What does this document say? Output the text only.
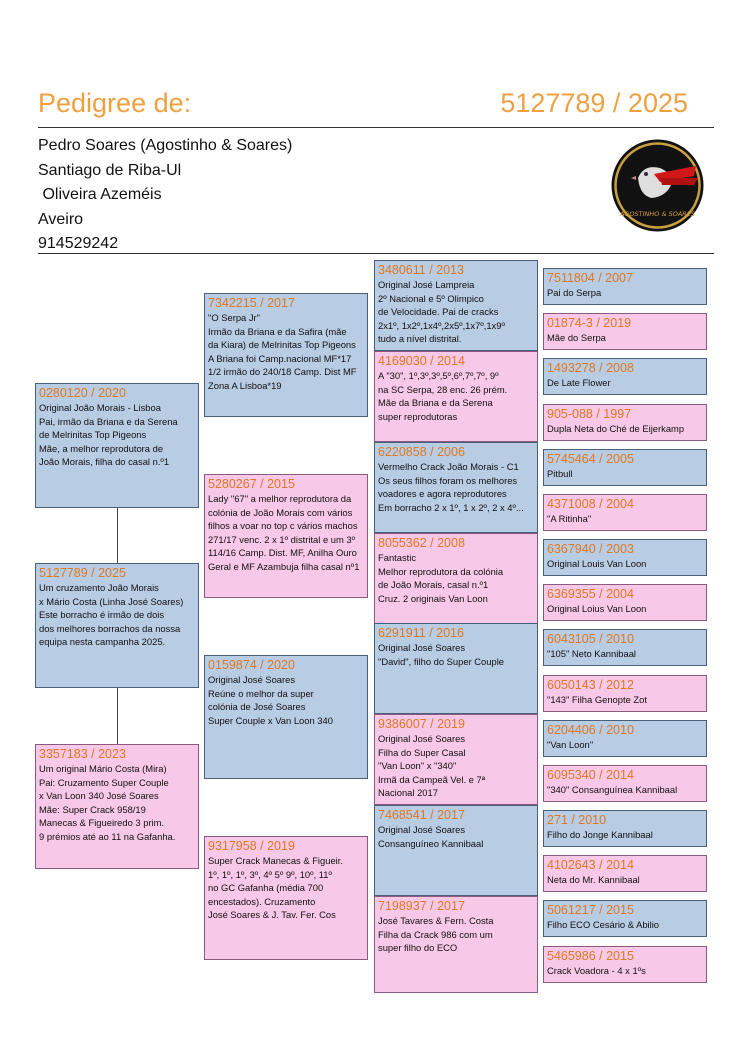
Pedigree de:	5127789 / 2025
Pedro Soares (Agostinho & Soares)
Santiago de Riba-Ul
Oliveira Azeméis
Aveiro
914529242
AGOSTINHO & SOARES
0280120 / 2020
Original João Morais - Lisboa
Pai, irmão da Briana e da Serena
de Melrinitas Top Pigeons
Mãe, a melhor reprodutora de
João Morais, filha do casal n.º1
5127789 / 2025
Um cruzamento João Morais
x Mário Costa (Linha José Soares)
Este borracho é irmão de dois
dos melhores borrachos da nossa
equipa nesta campanha 2025.
3357183 / 2023
Um original Mário Costa (Mira)
Pai: Cruzamento Super Couple
x Van Loon 340 José Soares
Mãe: Super Crack 958/19
Manecas & Figueiredo 3 prim.
9 prémios até ao 11 na Gafanha.
7342215 / 2017
"O Serpa Jr"
Irmão da Briana e da Safira (mãe
da Kiara) de Melrinitas Top Pigeons
A Briana foi Camp.nacional MF*17
1/2 irmão do 240/18 Camp. Dist MF
Zona A Lisboa*19
5280267 / 2015
Lady "67" a melhor reprodutora da
colónia de João Morais com vários
filhos a voar no top c vários machos
271/17 venc. 2 x 1º distrital e um 3º
114/16 Camp. Dist. MF, Anilha Ouro
Geral e MF Azambuja filha casal nº1
0159874 / 2020
Original José Soares
Reúne o melhor da super
colónia de José Soares
Super Couple x Van Loon 340
9317958 / 2019
Super Crack Manecas & Figueir.
1º, 1º, 1º, 3º, 4º 5º 9º, 10º, 11º
no GC Gafanha (média 700
encestados). Cruzamento
José Soares & J. Tav. Fer. Cos
3480611 / 2013
Original José Lampreia
2º Nacional e 5º Olimpico
de Velocidade. Pai de cracks
2x1º, 1x2º,1x4º,2x5º,1x7º,1x9º
tudo a nível distrital.
4169030 / 2014
A "30", 1º,3º,3º,5º,6º,7º,7º, 9º
na SC Serpa, 28 enc. 26 prém.
Mãe da Briana e da Serena
super reprodutoras
6220858 / 2006
Vermelho Crack João Morais - C1
Os seus filhos foram os melhores
voadores e agora reprodutores
Em borracho 2 x 1º, 1 x 2º, 2 x 4º...
8055362 / 2008
Fantastic
Melhor reprodutora da colónia
de João Morais, casal n.º1
Cruz. 2 originais Van Loon
6291911 / 2016
Original José Soares
"David", filho do Super Couple
9386007 / 2019
Original José Soares
Filha do Super Casal
"Van Loon" x "340"
Irmã da Campeã Vel. e 7ª
Nacional 2017
7468541 / 2017
Original José Soares
Consanguíneo Kannibaal
7198937 / 2017
José Tavares & Fern. Costa
Filha da Crack 986 com um
super filho do ECO
7511804 / 2007
Pai do Serpa
01874-3 / 2019
Mãe do Serpa
1493278 / 2008
De Late Flower
905-088 / 1997
Dupla Neta do Ché de Eijerkamp
5745464 / 2005
Pitbull
4371008 / 2004
"A Ritinha"
6367940 / 2003
Original Louis Van Loon
6369355 / 2004
Original Loius Van Loon
6043105 / 2010
"105" Neto Kannibaal
6050143 / 2012
"143" Filha Genopte Zot
6204406 / 2010
"Van Loon"
6095340 / 2014
"340" Consanguínea Kannibaal
271 / 2010
Filho do Jonge Kannibaal
4102643 / 2014
Neta do Mr. Kannibaal
5061217 / 2015
Filho ECO Cesário & Abilio
5465986 / 2015
Crack Voadora - 4 x 1ºs
